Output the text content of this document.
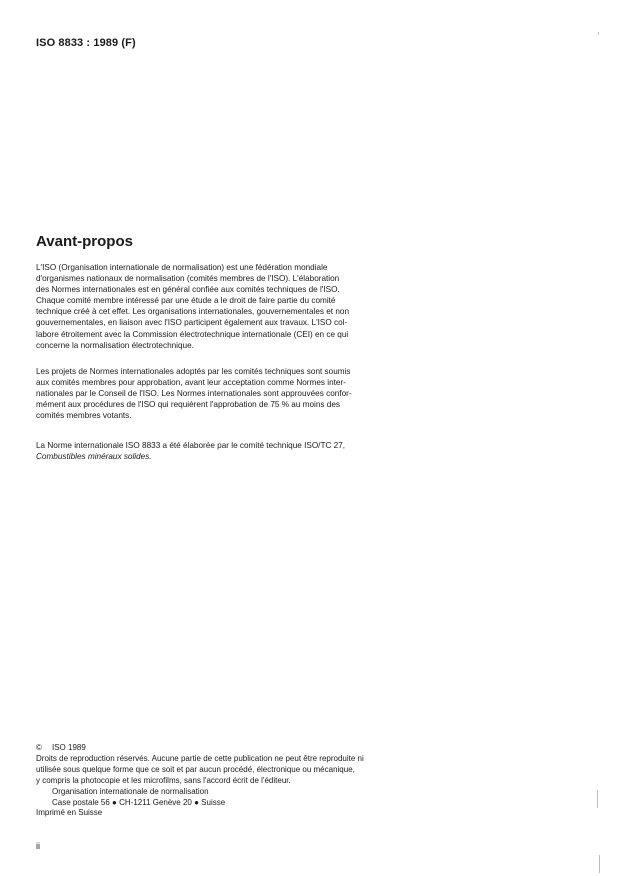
ISO 8833 : 1989 (F)
Avant-propos

L'ISO (Organisation internationale de normalisation) est une fédération mondiale
d'organismes nationaux de normalisation (comités membres de l'ISO). L'élaboration
des Normes internationales est en général confiée aux comités techniques de l'ISO.
Chaque comité membre intéressé par une étude a le droit de faire partie du comité
technique créé à cet effet. Les organisations internationales, gouvernementales et non
gouvernementales, en liaison avec l'ISO participent également aux travaux. L'ISO col-
labore étroitement avec la Commission électrotechnique internationale (CEI) en ce qui
concerne la normalisation électrotechnique.

Les projets de Normes internationales adoptés par les comités techniques sont soumis
aux comités membres pour approbation, avant leur acceptation comme Normes inter-
nationales par le Conseil de l'ISO. Les Normes internationales sont approuvées confor-
mément aux procédures de l'ISO qui requièrent l'approbation de 75 % au moins des
comités membres votants.

La Norme internationale ISO 8833 a été élaborée par le comité technique ISO/TC 27,
Combustibles minéraux solides.

© ISO 1989
Droits de reproduction réservés. Aucune partie de cette publication ne peut être reproduite ni
utilisée sous quelque forme que ce soit et par aucun procédé, électronique ou mécanique,
y compris la photocopie et les microfilms, sans l'accord écrit de l'éditeur.
Organisation internationale de normalisation
Case postale 56 ● CH-1211 Genève 20 ● Suisse
Imprimé en Suisse
ii
